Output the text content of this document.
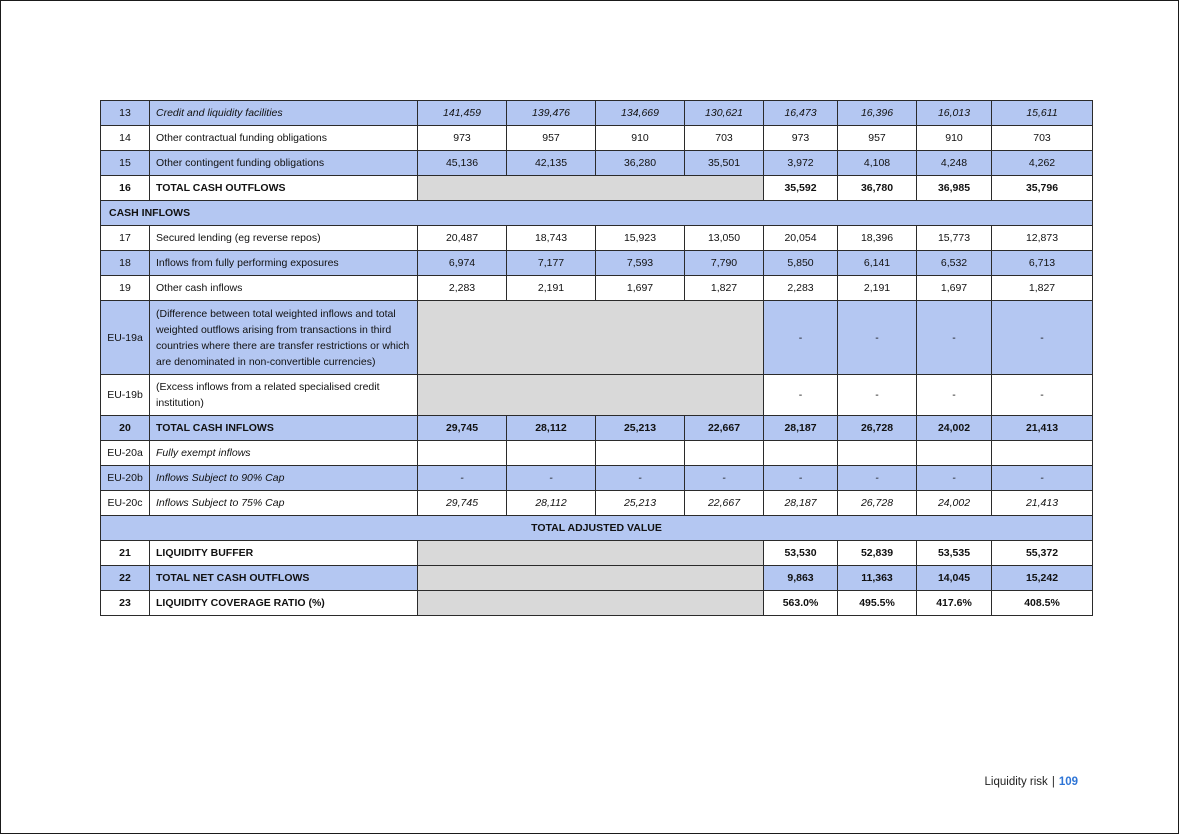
13	Credit and liquidity facilities	141,459	139,476	134,669	130,621	16,473	16,396	16,013	15,611
14	Other contractual funding obligations	973	957	910	703	973	957	910	703
15	Other contingent funding obligations	45,136	42,135	36,280	35,501	3,972	4,108	4,248	4,262
16	TOTAL CASH OUTFLOWS					35,592	36,780	36,985	35,796
CASH INFLOWS									
17	Secured lending (eg reverse repos)	20,487	18,743	15,923	13,050	20,054	18,396	15,773	12,873
18	Inflows from fully performing exposures	6,974	7,177	7,593	7,790	5,850	6,141	6,532	6,713
19	Other cash inflows	2,283	2,191	1,697	1,827	2,283	2,191	1,697	1,827
EU-19a	(Difference between total weighted inflows and total weighted outflows arising from transactions in third countries where there are transfer restrictions or which are denominated in non-convertible currencies)					-	-	-	-
EU-19b	(Excess inflows from a related specialised credit institution)					-	-	-	-
20	TOTAL CASH INFLOWS	29,745	28,112	25,213	22,667	28,187	26,728	24,002	21,413
EU-20a	Fully exempt inflows								
EU-20b	Inflows Subject to 90% Cap	-	-	-	-	-	-	-	-
EU-20c	Inflows Subject to 75% Cap	29,745	28,112	25,213	22,667	28,187	26,728	24,002	21,413
TOTAL ADJUSTED VALUE									
21	LIQUIDITY BUFFER					53,530	52,839	53,535	55,372
22	TOTAL NET CASH OUTFLOWS					9,863	11,363	14,045	15,242
23	LIQUIDITY COVERAGE RATIO (%)					563.0%	495.5%	417.6%	408.5%
Liquidity risk | 109
